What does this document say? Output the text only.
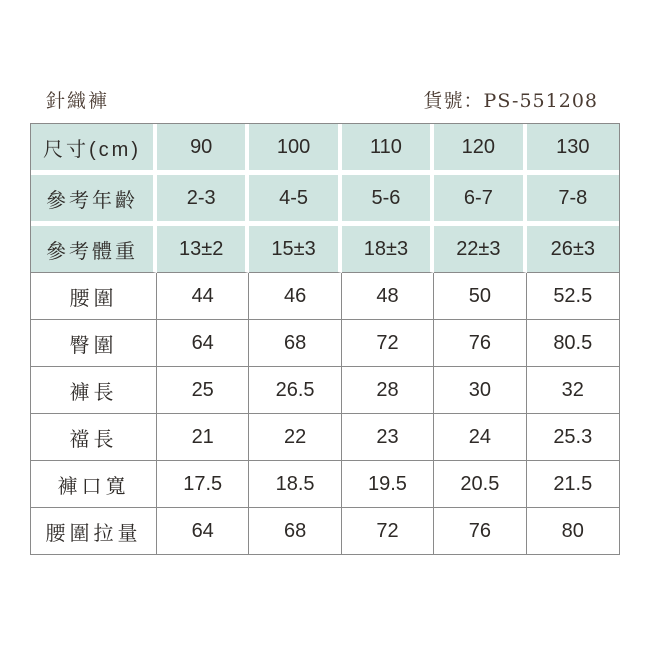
針織褲	貨號：PS-551208
尺寸(cm)	90	100	110	120	130
參考年齡	2-3	4-5	5-6	6-7	7-8
參考體重	13±2	15±3	18±3	22±3	26±3
腰圍	44	46	48	50	52.5
臀圍	64	68	72	76	80.5
褲長	25	26.5	28	30	32
襠長	21	22	23	24	25.3
褲口寬	17.5	18.5	19.5	20.5	21.5
腰圍拉量	64	68	72	76	80
